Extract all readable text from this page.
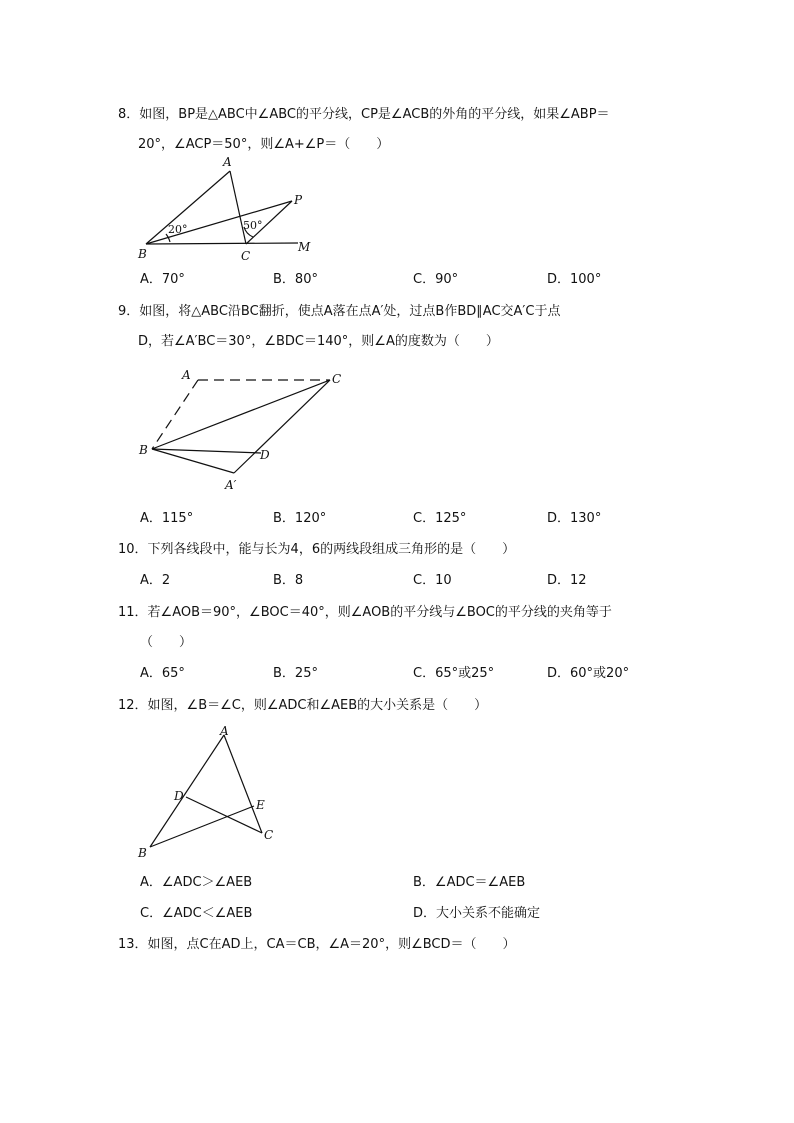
8．如图，BP是△ABC中∠ABC的平分线，CP是∠ACB的外角的平分线，如果∠ABP＝
20°，∠ACP＝50°，则∠A+∠P＝（　　）
A
B	C
P
M
20°	50°
A．70°	B．80°	C．90°	D．100°
9．如图，将△ABC沿BC翻折，使点A落在点A′处，过点B作BD∥AC交A′C于点
D，若∠A′BC＝30°，∠BDC＝140°，则∠A的度数为（　　）
A	C
B	D
A′
A．115°	B．120°	C．125°	D．130°
10．下列各线段中，能与长为4，6的两线段组成三角形的是（　　）
A．2	B．8	C．10	D．12
11．若∠AOB＝90°，∠BOC＝40°，则∠AOB的平分线与∠BOC的平分线的夹角等于
（　　）
A．65°	B．25°	C．65°或25°	D．60°或20°
12．如图，∠B＝∠C，则∠ADC和∠AEB的大小关系是（　　）
A
D
E
C
B
A．∠ADC＞∠AEB	B．∠ADC＝∠AEB
C．∠ADC＜∠AEB	D．大小关系不能确定
13．如图，点C在AD上，CA＝CB，∠A＝20°，则∠BCD＝（　　）
